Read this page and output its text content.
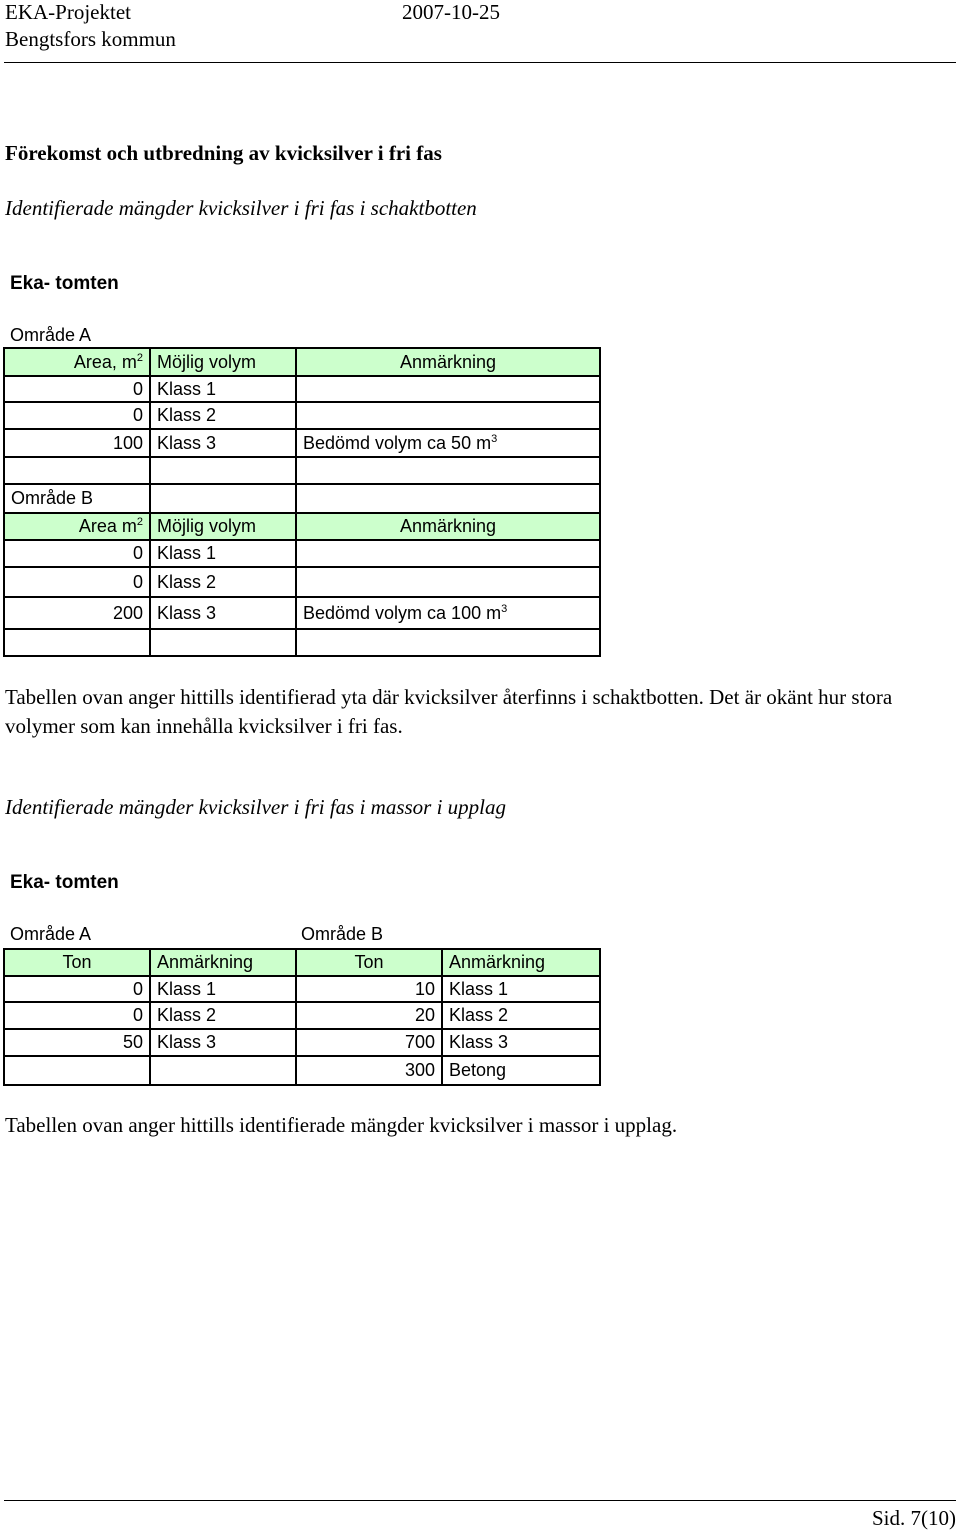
EKA-Projektet	2007-10-25
Bengtsfors kommun
Förekomst och utbredning av kvicksilver i fri fas
Identifierade mängder kvicksilver i fri fas i schaktbotten
Eka- tomten
Område A
Area, $m^2$	Möjlig volym	Anmärkning
0	Klass 1	
0	Klass 2	
100	Klass 3	Bedömd volym ca 50 $m^3$

Område B		
Area $m^2$	Möjlig volym	Anmärkning
0	Klass 1	
0	Klass 2	
200	Klass 3	Bedömd volym ca 100 $m^3$

Tabellen ovan anger hittills identifierad yta där kvicksilver återfinns i schaktbotten. Det är okänt hur stora volymer som kan innehålla kvicksilver i fri fas.
Identifierade mängder kvicksilver i fri fas i massor i upplag
Eka- tomten
Område A	Område B
Ton	Anmärkning	Ton	Anmärkning
0	Klass 1	10	Klass 1
0	Klass 2	20	Klass 2
50	Klass 3	700	Klass 3
		300	Betong
Tabellen ovan anger hittills identifierade mängder kvicksilver i massor i upplag.
Sid. 7(10)
